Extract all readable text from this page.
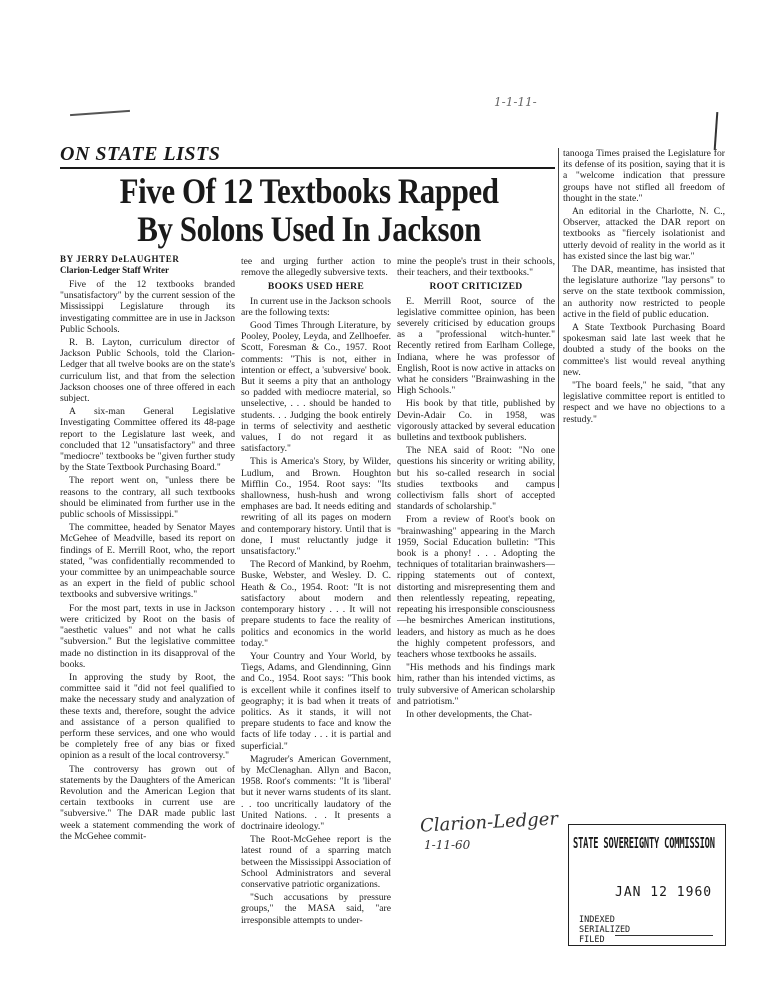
1-1-11-
ON STATE LISTS
Five Of 12 Textbooks Rapped
By Solons Used In Jackson
BY JERRY DeLAUGHTER
Clarion-Ledger Staff Writer

Five of the 12 textbooks branded "unsatisfactory" by the current session of the Mississippi Legislature through its investigating committee are in use in Jackson Public Schools.

R. B. Layton, curriculum director of Jackson Public Schools, told the Clarion-Ledger that all twelve books are on the state's curriculum list, and that from the selection Jackson chooses one of three offered in each subject.

A six-man General Legislative Investigating Committee offered its 48-page report to the Legislature last week, and concluded that 12 "unsatisfactory" and three "mediocre" textbooks be "given further study by the State Textbook Purchasing Board."

The report went on, "unless there be reasons to the contrary, all such textbooks should be eliminated from further use in the public schools of Mississippi."

The committee, headed by Senator Mayes McGehee of Meadville, based its report on findings of E. Merrill Root, who, the report stated, "was confidentially recommended to your committee by an unimpeachable source as an expert in the field of public school textbooks and subversive writings."

For the most part, texts in use in Jackson were criticized by Root on the basis of "aesthetic values" and not what he calls "subversion." But the legislative committee made no distinction in its disapproval of the books.

In approving the study by Root, the committee said it "did not feel qualified to make the necessary study and analyzation of these texts and, therefore, sought the advice and assistance of a person qualified to perform these services, and one who would be completely free of any bias or fixed opinion as a result of the local controversy."

The controversy has grown out of statements by the Daughters of the American Revolution and the American Legion that certain textbooks in current use are "subversive." The DAR made public last week a statement commending the work of the McGehee commit-

tee and urging further action to remove the allegedly subversive texts.

BOOKS USED HERE

In current use in the Jackson schools are the following texts:

Good Times Through Literature, by Pooley, Pooley, Leyda, and Zellhoefer. Scott, Foresman & Co., 1957. Root comments: "This is not, either in intention or effect, a 'subversive' book. But it seems a pity that an anthology so padded with mediocre material, so unselective, . . . should be handed to students. . . Judging the book entirely in terms of selectivity and aesthetic values, I do not regard it as satisfactory."

This is America's Story, by Wilder, Ludlum, and Brown. Houghton Mifflin Co., 1954. Root says: "Its shallowness, hush-hush and wrong emphases are bad. It needs editing and rewriting of all its pages on modern and contemporary history. Until that is done, I must reluctantly judge it unsatisfactory."

The Record of Mankind, by Roehm, Buske, Webster, and Wesley. D. C. Heath & Co., 1954. Root: "It is not satisfactory about modern and contemporary history . . . It will not prepare students to face the reality of politics and economics in the world today."

Your Country and Your World, by Tiegs, Adams, and Glendinning, Ginn and Co., 1954. Root says: "This book is excellent while it confines itself to geography; it is bad when it treats of politics. As it stands, it will not prepare students to face and know the facts of life today . . . it is partial and superficial."

Magruder's American Government, by McClenaghan. Allyn and Bacon, 1958. Root's comments: "It is 'liberal' but it never warns students of its slant. . . too uncritically laudatory of the United Nations. . . It presents a doctrinaire ideology."

The Root-McGehee report is the latest round of a sparring match between the Mississippi Association of School Administrators and several conservative patriotic organizations.

"Such accusations by pressure groups," the MASA said, "are irresponsible attempts to under-

mine the people's trust in their schools, their teachers, and their textbooks."

ROOT CRITICIZED

E. Merrill Root, source of the legislative committee opinion, has been severely criticised by education groups as a "professional witch-hunter." Recently retired from Earlham College, Indiana, where he was professor of English, Root is now active in attacks on what he considers "Brainwashing in the High Schools."

His book by that title, published by Devin-Adair Co. in 1958, was vigorously attacked by several education bulletins and textbook publishers.

The NEA said of Root: "No one questions his sincerity or writing ability, but his so-called research in social studies textbooks and campus collectivism falls short of accepted standards of scholarship."

From a review of Root's book on "brainwashing" appearing in the March 1959, Social Education bulletin: "This book is a phony! . . . Adopting the techniques of totalitarian brainwashers—ripping statements out of context, distorting and misrepresenting them and then relentlessly repeating, repeating, repeating his irresponsible consciousness—he besmirches American institutions, leaders, and history as much as he does the highly competent professors, and teachers whose textbooks he assails.

"His methods and his findings mark him, rather than his intended victims, as truly subversive of American scholarship and patriotism."

In other developments, the Chat-

tanooga Times praised the Legislature for its defense of its position, saying that it is a "welcome indication that pressure groups have not stifled all freedom of thought in the state."

An editorial in the Charlotte, N. C., Observer, attacked the DAR report on textbooks as "fiercely isolationist and utterly devoid of reality in the world as it has existed since the last big war."

The DAR, meantime, has insisted that the legislature authorize "lay persons" to serve on the state textbook commission, an authority now restricted to people active in the field of public education.

A State Textbook Purchasing Board spokesman said late last week that he doubted a study of the books on the committee's list would reveal anything new.

"The board feels," he said, "that any legislative committee report is entitled to respect and we have no objections to a restudy."

Clarion-Ledger
1-11-60	STATE SOVEREIGNTY COMMISSION
JAN 12 1960
INDEXED
SERIALIZED
FILED
